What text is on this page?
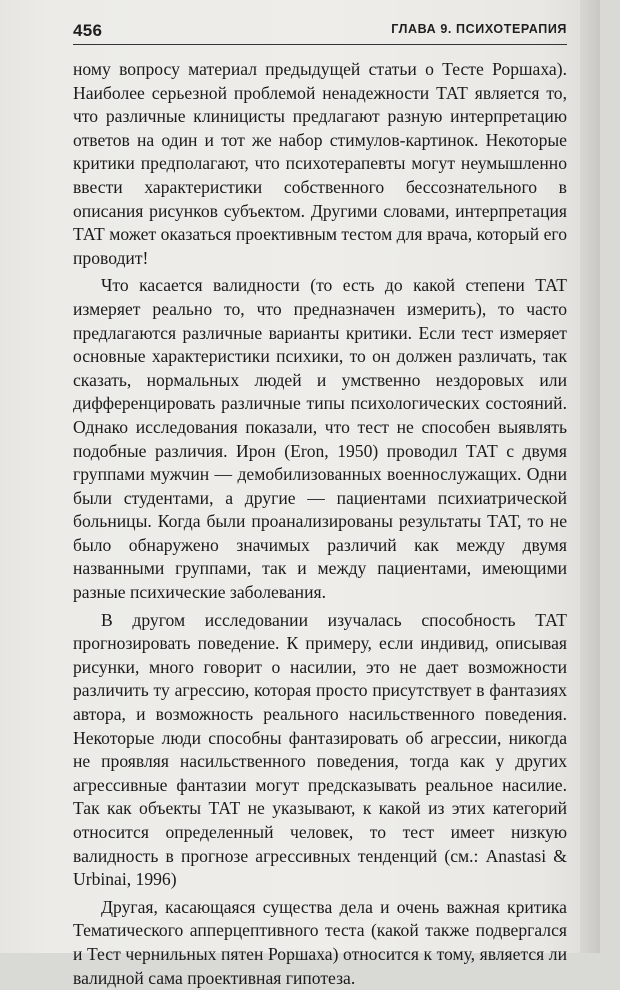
456	ГЛАВА 9. ПСИХОТЕРАПИЯ

ному вопросу материал предыдущей статьи о Тесте Роршаха). Наиболее серьезной проблемой ненадежности ТАТ является то, что различные клиницисты предлагают разную интерпретацию ответов на один и тот же набор стимулов-картинок. Некоторые критики предполагают, что психотерапевты могут неумышленно ввести характеристики собственного бессознательного в описания рисунков субъектом. Другими словами, интерпретация ТАТ может оказаться проективным тестом для врача, который его проводит!

Что касается валидности (то есть до какой степени ТАТ измеряет реально то, что предназначен измерить), то часто предлагаются различные варианты критики. Если тест измеряет основные характеристики психики, то он должен различать, так сказать, нормальных людей и умственно нездоровых или дифференцировать различные типы психологических состояний. Однако исследования показали, что тест не способен выявлять подобные различия. Ирон (Eron, 1950) проводил ТАТ с двумя группами мужчин — демобилизованных военнослужащих. Одни были студентами, а другие — пациентами психиатрической больницы. Когда были проанализированы результаты ТАТ, то не было обнаружено значимых различий как между двумя названными группами, так и между пациентами, имеющими разные психические заболевания.

В другом исследовании изучалась способность ТАТ прогнозировать поведение. К примеру, если индивид, описывая рисунки, много говорит о насилии, это не дает возможности различить ту агрессию, которая просто присутствует в фантазиях автора, и возможность реального насильственного поведения. Некоторые люди способны фантазировать об агрессии, никогда не проявляя насильственного поведения, тогда как у других агрессивные фантазии могут предсказывать реальное насилие. Так как объекты ТАТ не указывают, к какой из этих категорий относится определенный человек, то тест имеет низкую валидность в прогнозе агрессивных тенденций (см.: Anastasi & Urbinai, 1996)

Другая, касающаяся существа дела и очень важная критика Тематического апперцептивного теста (какой также подвергался и Тест чернильных пятен Роршаха) относится к тому, является ли валидной сама проективная гипотеза.
